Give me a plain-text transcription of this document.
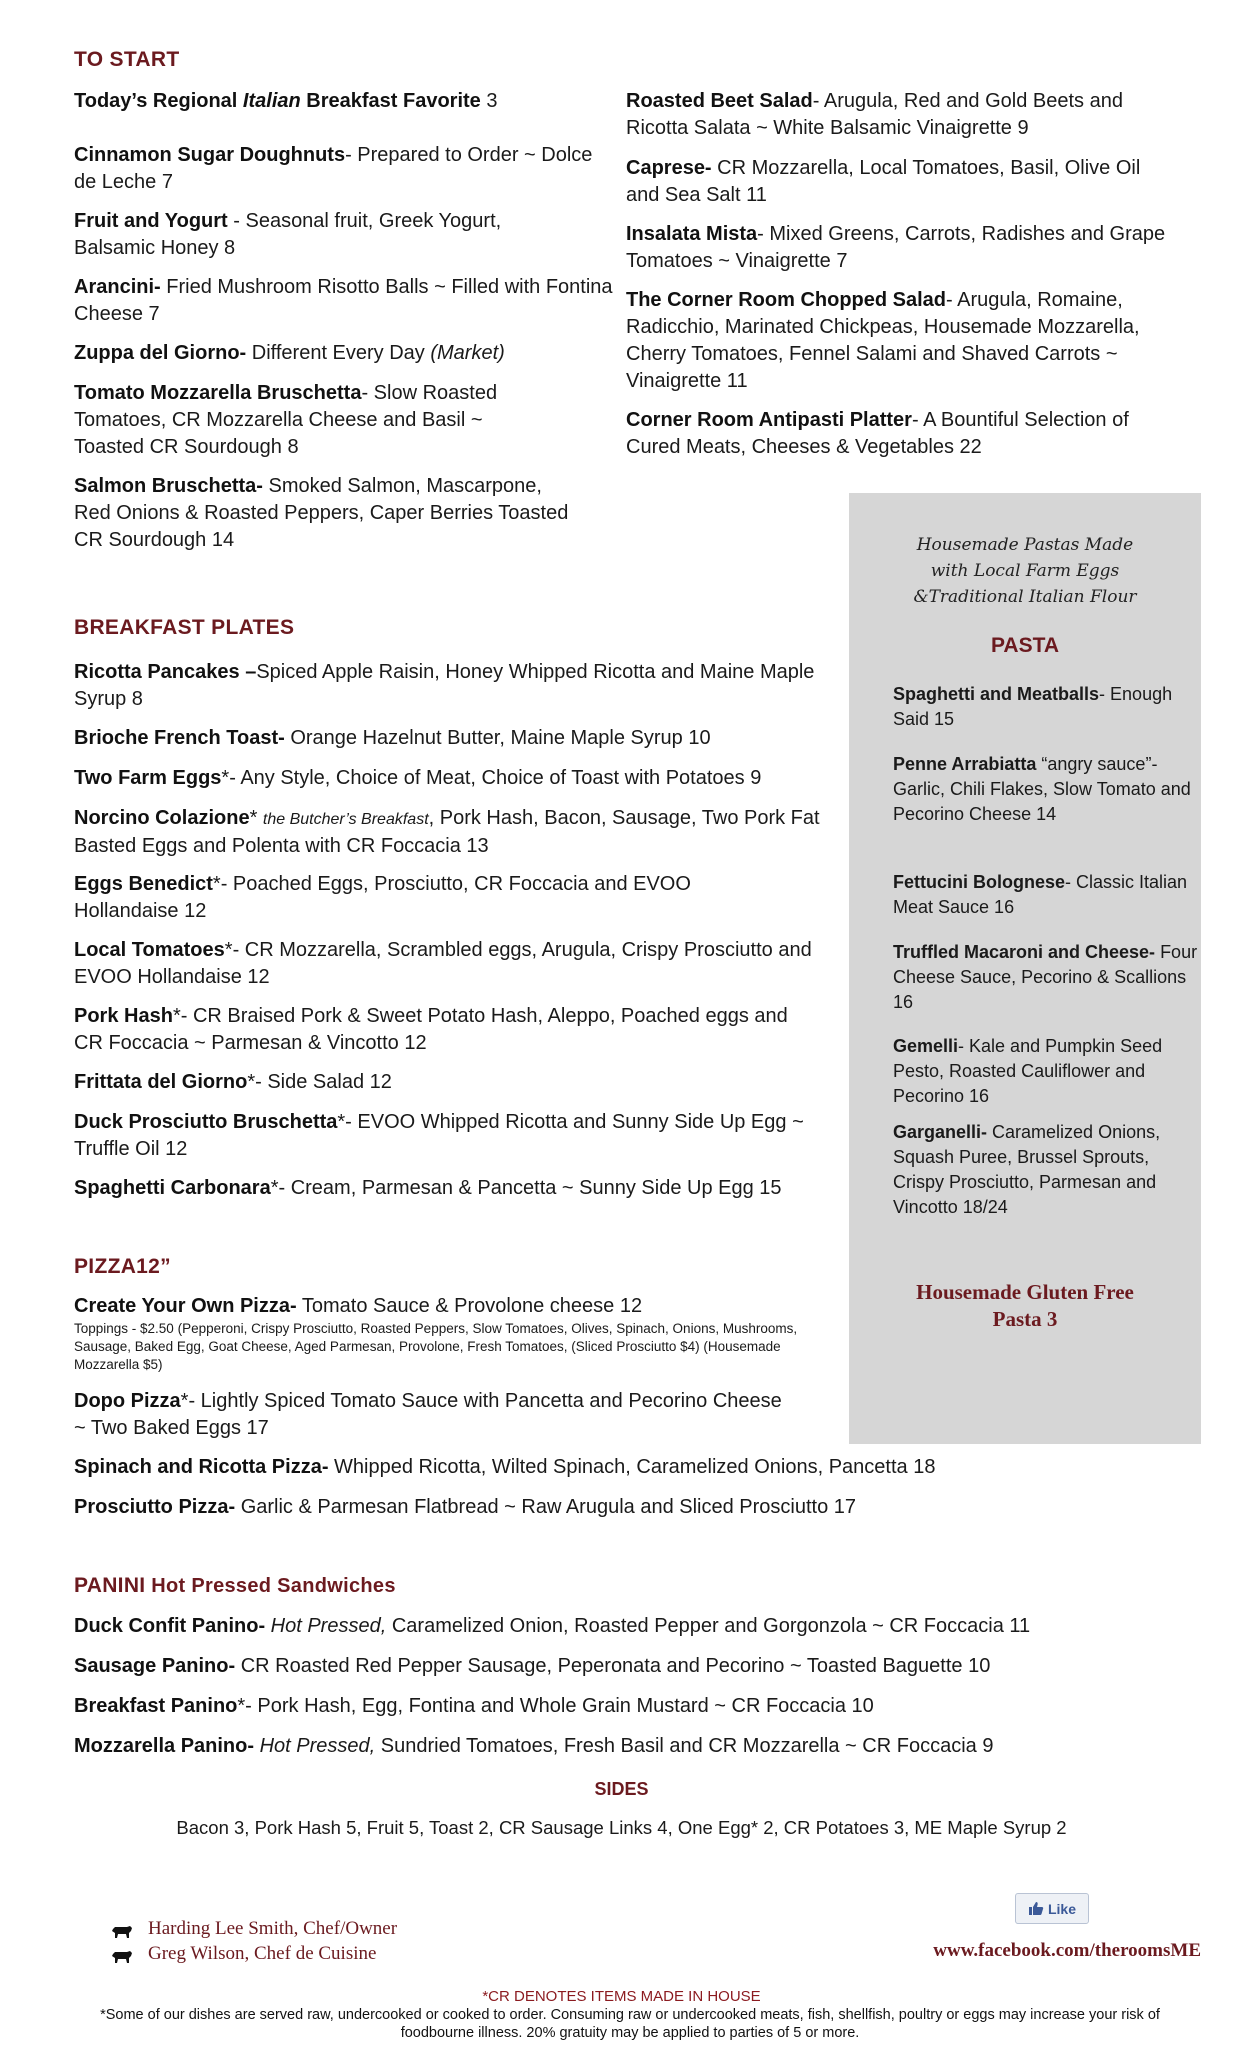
TO START
Today’s Regional Italian Breakfast Favorite 3
Cinnamon Sugar Doughnuts- Prepared to Order ~ Dolce de Leche 7
Fruit and Yogurt - Seasonal fruit, Greek Yogurt, Balsamic Honey 8
Arancini- Fried Mushroom Risotto Balls ~ Filled with Fontina Cheese 7
Zuppa del Giorno- Different Every Day (Market)
Tomato Mozzarella Bruschetta- Slow Roasted Tomatoes, CR Mozzarella Cheese and Basil ~ Toasted CR Sourdough 8
Salmon Bruschetta- Smoked Salmon, Mascarpone, Red Onions & Roasted Peppers, Caper Berries Toasted CR Sourdough 14
Roasted Beet Salad- Arugula, Red and Gold Beets and Ricotta Salata ~ White Balsamic Vinaigrette 9
Caprese- CR Mozzarella, Local Tomatoes, Basil, Olive Oil and Sea Salt 11
Insalata Mista- Mixed Greens, Carrots, Radishes and Grape Tomatoes ~ Vinaigrette 7
The Corner Room Chopped Salad- Arugula, Romaine, Radicchio, Marinated Chickpeas, Housemade Mozzarella, Cherry Tomatoes, Fennel Salami and Shaved Carrots ~ Vinaigrette 11
Corner Room Antipasti Platter- A Bountiful Selection of Cured Meats, Cheeses & Vegetables 22
Housemade Pastas Made
with Local Farm Eggs
&Traditional Italian Flour
PASTA
Spaghetti and Meatballs- Enough Said 15
Penne Arrabiatta “angry sauce”- Garlic, Chili Flakes, Slow Tomato and Pecorino Cheese 14
Fettucini Bolognese- Classic Italian Meat Sauce 16
Truffled Macaroni and Cheese- Four Cheese Sauce, Pecorino & Scallions 16
Gemelli- Kale and Pumpkin Seed Pesto, Roasted Cauliflower and Pecorino 16
Garganelli- Caramelized Onions, Squash Puree, Brussel Sprouts, Crispy Prosciutto, Parmesan and Vincotto 18/24
Housemade Gluten Free
Pasta 3
BREAKFAST PLATES
Ricotta Pancakes –Spiced Apple Raisin, Honey Whipped Ricotta and Maine Maple Syrup 8
Brioche French Toast- Orange Hazelnut Butter, Maine Maple Syrup 10
Two Farm Eggs*- Any Style, Choice of Meat, Choice of Toast with Potatoes 9
Norcino Colazione* the Butcher’s Breakfast, Pork Hash, Bacon, Sausage, Two Pork Fat Basted Eggs and Polenta with CR Foccacia 13
Eggs Benedict*- Poached Eggs, Prosciutto, CR Foccacia and EVOO Hollandaise 12
Local Tomatoes*- CR Mozzarella, Scrambled eggs, Arugula, Crispy Prosciutto and EVOO Hollandaise 12
Pork Hash*- CR Braised Pork & Sweet Potato Hash, Aleppo, Poached eggs and CR Foccacia ~ Parmesan & Vincotto 12
Frittata del Giorno*- Side Salad 12
Duck Prosciutto Bruschetta*- EVOO Whipped Ricotta and Sunny Side Up Egg ~ Truffle Oil 12
Spaghetti Carbonara*- Cream, Parmesan & Pancetta ~ Sunny Side Up Egg 15
PIZZA12”
Create Your Own Pizza- Tomato Sauce & Provolone cheese 12
Toppings - $2.50 (Pepperoni, Crispy Prosciutto, Roasted Peppers, Slow Tomatoes, Olives, Spinach, Onions, Mushrooms, Sausage, Baked Egg, Goat Cheese, Aged Parmesan, Provolone, Fresh Tomatoes, (Sliced Prosciutto $4) (Housemade Mozzarella $5)
Dopo Pizza*- Lightly Spiced Tomato Sauce with Pancetta and Pecorino Cheese ~ Two Baked Eggs 17
Spinach and Ricotta Pizza- Whipped Ricotta, Wilted Spinach, Caramelized Onions, Pancetta 18
Prosciutto Pizza- Garlic & Parmesan Flatbread ~ Raw Arugula and Sliced Prosciutto 17
PANINI Hot Pressed Sandwiches
Duck Confit Panino- Hot Pressed, Caramelized Onion, Roasted Pepper and Gorgonzola ~ CR Foccacia 11
Sausage Panino- CR Roasted Red Pepper Sausage, Peperonata and Pecorino ~ Toasted Baguette 10
Breakfast Panino*- Pork Hash, Egg, Fontina and Whole Grain Mustard ~ CR Foccacia 10
Mozzarella Panino- Hot Pressed, Sundried Tomatoes, Fresh Basil and CR Mozzarella ~ CR Foccacia 9
SIDES
Bacon 3, Pork Hash 5, Fruit 5, Toast 2, CR Sausage Links 4, One Egg* 2, CR Potatoes 3, ME Maple Syrup 2
Harding Lee Smith, Chef/Owner
Greg Wilson, Chef de Cuisine
Like
www.facebook.com/theroomsME
*CR DENOTES ITEMS MADE IN HOUSE
*Some of our dishes are served raw, undercooked or cooked to order. Consuming raw or undercooked meats, fish, shellfish, poultry or eggs may increase your risk of foodbourne illness. 20% gratuity may be applied to parties of 5 or more.
